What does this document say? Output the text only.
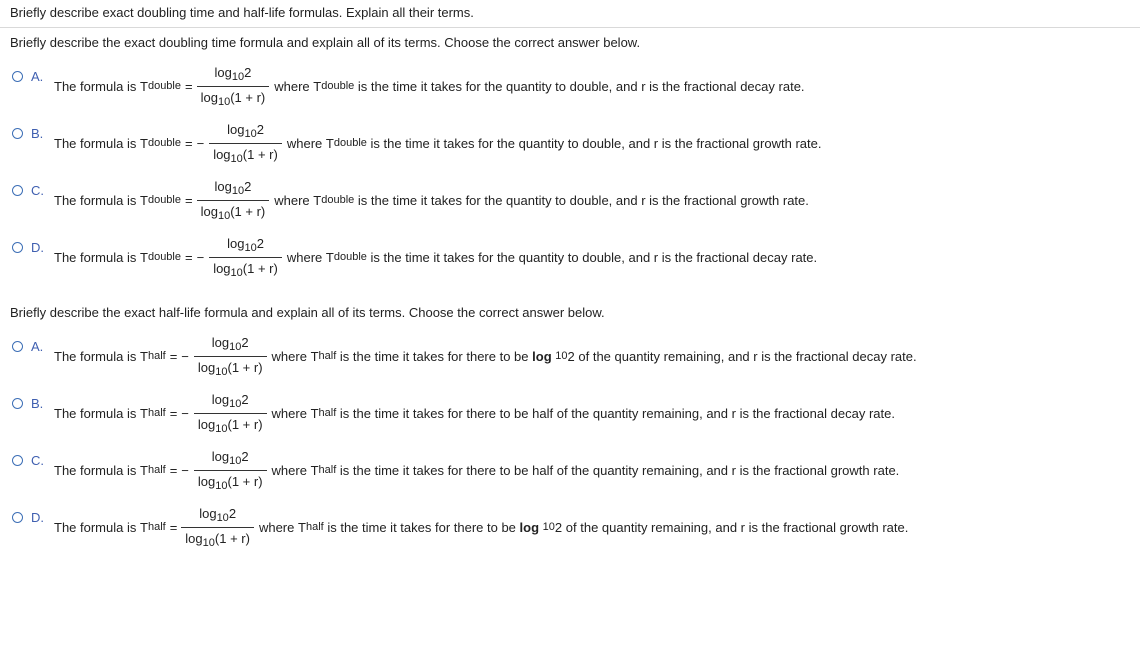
Briefly describe exact doubling time and half-life formulas. Explain all their terms.
Briefly describe the exact doubling time formula and explain all of its terms. Choose the correct answer below.
A.
The formula is
T double = $\frac{\log_{10}2}{\log_{10}(1 + r)}$ where
T double
is the time it takes for the quantity to double, and r is the fractional
decay
rate.
B.
The formula is
T double = − $\frac{\log_{10}2}{\log_{10}(1 + r)}$ where
T double
is the time it takes for the quantity to double, and r is the fractional
growth
rate.
C.
The formula is
T double = $\frac{\log_{10}2}{\log_{10}(1 + r)}$ where
T double
is the time it takes for the quantity to double, and r is the fractional
growth
rate.
D.
The formula is
T double = − $\frac{\log_{10}2}{\log_{10}(1 + r)}$ where
T double
is the time it takes for the quantity to double, and r is the fractional
decay
rate.
Briefly describe the exact half-life formula and explain all of its terms. Choose the correct answer below.
A.
The formula is
T half = − $\frac{\log_{10}2}{\log_{10}(1 + r)}$ where
T half
is the time it takes for there to be
log
10 2
of the quantity remaining, and r is the fractional
decay
rate.
B.
The formula is
T half = − $\frac{\log_{10}2}{\log_{10}(1 + r)}$ where
T half
is the time it takes for there to be
half
of the quantity remaining, and r is the fractional
decay
rate.
C.
The formula is
T half = − $\frac{\log_{10}2}{\log_{10}(1 + r)}$ where
T half
is the time it takes for there to be
half
of the quantity remaining, and r is the fractional
growth
rate.
D.
The formula is
T half = $\frac{\log_{10}2}{\log_{10}(1 + r)}$ where
T half
is the time it takes for there to be
log
10 2
of the quantity remaining, and r is the fractional
growth
rate.
